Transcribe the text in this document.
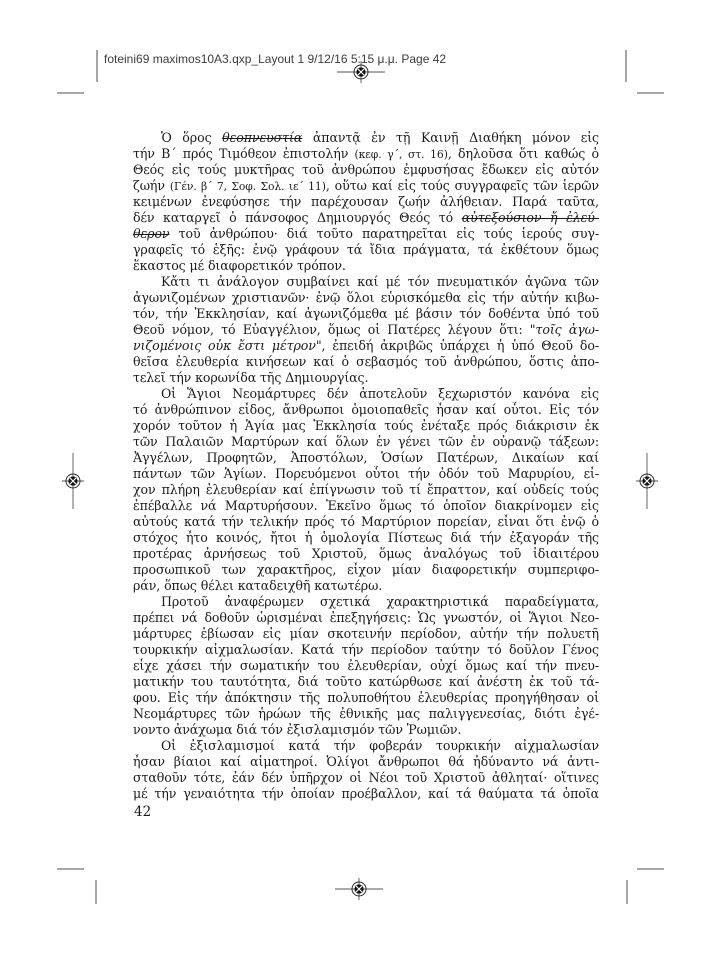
foteini69 maximos10A3.qxp_Layout 1 9/12/16 5:15 μ.μ. Page 42
Ὁ ὅρος θεοπνευστία ἀπαντᾷ ἐν τῇ Καινῇ Διαθήκη μόνον εἰς
τήν Β΄ πρός Τιμόθεον ἐπιστολήν (κεφ. γ΄, στ. 16), δηλοῦσα ὅτι καθώς ὁ
Θεός εἰς τούς μυκτῆρας τοῦ ἀνθρώπου ἐμφυσήσας ἔδωκεν εἰς αὐτόν
ζωήν (Γέν. β΄ 7, Σοφ. Σολ. ιε΄ 11), οὕτω καί εἰς τούς συγγραφεῖς τῶν ἱερῶν
κειμένων ἐνεφύσησε τήν παρέχουσαν ζωήν ἀλήθειαν. Παρά ταῦτα,
δέν καταργεῖ ὁ πάνσοφος Δημιουργός Θεός τό αὐτεξούσιον ἤ ἐλεύ-
θερον τοῦ ἀνθρώπου· διά τοῦτο παρατηρεῖται εἰς τούς ἱερούς συγ-
γραφεῖς τό ἑξῆς: ἐνῷ γράφουν τά ἴδια πράγματα, τά ἐκθέτουν ὅμως
ἕκαστος μέ διαφορετικόν τρόπον.
Κἄτι τι ἀνάλογον συμβαίνει καί μέ τόν πνευματικόν ἀγῶνα τῶν
ἀγωνιζομένων χριστιανῶν· ἐνῷ ὅλοι εὑρισκόμεθα εἰς τήν αὐτήν κιβω-
τόν, τήν Ἐκκλησίαν, καί ἀγωνιζόμεθα μέ βάσιν τόν δοθέντα ὑπό τοῦ
Θεοῦ νόμον, τό Εὐαγγέλιον, ὅμως οἱ Πατέρες λέγουν ὅτι: "τοῖς ἀγω-
νιζομένοις οὐκ ἔστι μέτρον", ἐπειδή ἀκριβῶς ὑπάρχει ἡ ὑπό Θεοῦ δο-
θεῖσα ἐλευθερία κινήσεων καί ὁ σεβασμός τοῦ ἀνθρώπου, ὅστις ἀπο-
τελεῖ τήν κορωνίδα τῆς Δημιουργίας.
Οἱ Ἅγιοι Νεομάρτυρες δέν ἀποτελοῦν ξεχωριστόν κανόνα εἰς
τό ἀνθρώπινον εἶδος, ἄνθρωποι ὁμοιοπαθεῖς ἦσαν καί οὗτοι. Εἰς τόν
χορόν τοῦτον ἡ Ἁγία μας Ἐκκλησία τούς ἐνέταξε πρός διάκρισιν ἐκ
τῶν Παλαιῶν Μαρτύρων καί ὅλων ἐν γένει τῶν ἐν οὐρανῷ τάξεων:
Ἀγγέλων, Προφητῶν, Ἀποστόλων, Ὁσίων Πατέρων, Δικαίων καί
πάντων τῶν Ἁγίων. Πορευόμενοι οὗτοι τήν ὁδόν τοῦ Μαρυρίου, εἶ-
χον πλήρη ἐλευθερίαν καί ἐπίγνωσιν τοῦ τί ἔπραττον, καί οὐδείς τούς
ἐπέβαλλε νά Μαρτυρήσουν. Ἐκεῖνο ὅμως τό ὁποῖον διακρίνομεν εἰς
αὐτούς κατά τήν τελικήν πρός τό Μαρτύριον πορείαν, εἶναι ὅτι ἐνῷ ὁ
στόχος ἦτο κοινός, ἤτοι ἡ ὁμολογία Πίστεως διά τήν ἐξαγοράν τῆς
προτέρας ἀρνήσεως τοῦ Χριστοῦ, ὅμως ἀναλόγως τοῦ ἰδιαιτέρου
προσωπικοῦ των χαρακτῆρος, εἶχον μίαν διαφορετικήν συμπεριφο-
ράν, ὅπως θέλει καταδειχθῆ κατωτέρω.
Προτοῦ ἀναφέρωμεν σχετικά χαρακτηριστικά παραδείγματα,
πρέπει νά δοθοῦν ὡρισμέναι ἐπεξηγήσεις: Ὡς γνωστόν, οἱ Ἅγιοι Νεο-
μάρτυρες ἐβίωσαν εἰς μίαν σκοτεινήν περίοδον, αὐτήν τήν πολυετῆ
τουρκικήν αἰχμαλωσίαν. Κατά τήν περίοδον ταύτην τό δοῦλον Γένος
εἶχε χάσει τήν σωματικήν του ἐλευθερίαν, οὐχί ὅμως καί τήν πνευ-
ματικήν του ταυτότητα, διά τοῦτο κατώρθωσε καί ἀνέστη ἐκ τοῦ τά-
φου. Εἰς τήν ἀπόκτησιν τῆς πολυποθήτου ἐλευθερίας προηγήθησαν οἱ
Νεομάρτυρες τῶν ἡρώων τῆς ἐθνικῆς μας παλιγγενεσίας, διότι ἐγέ-
νοντο ἀνάχωμα διά τόν ἐξισλαμισμόν τῶν Ῥωμιῶν.
Οἱ ἐξισλαμισμοί κατά τήν φοβεράν τουρκικήν αἰχμαλωσίαν
ἦσαν βίαιοι καί αἱματηροί. Ὀλίγοι ἄνθρωποι θά ἠδύναντο νά ἀντι-
σταθοῦν τότε, ἐάν δέν ὑπῆρχον οἱ Νέοι τοῦ Χριστοῦ ἀθληταί· οἵτινες
μέ τήν γεναιότητα τήν ὁποίαν προέβαλλον, καί τά θαύματα τά ὁποῖα
42
